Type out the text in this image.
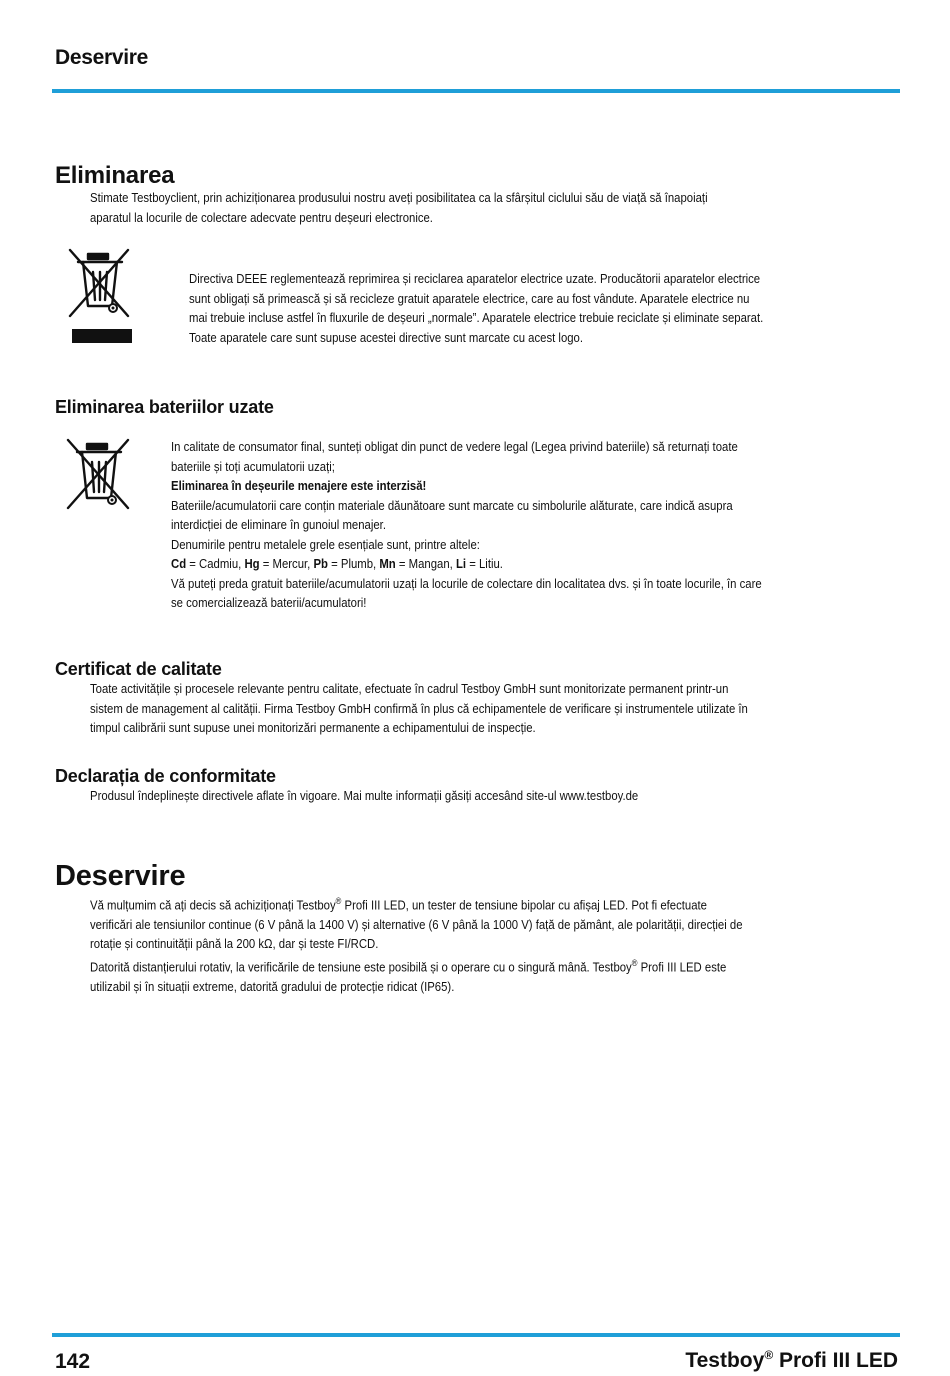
Deservire
Eliminarea
Stimate Testboyclient, prin achiziționarea produsului nostru aveți posibilitatea ca la sfârșitul ciclului său de viață să înapoiați
aparatul la locurile de colectare adecvate pentru deșeuri electronice.
Directiva DEEE reglementează reprimirea și reciclarea aparatelor electrice uzate. Producătorii aparatelor electrice
sunt obligați să primească și să recicleze gratuit aparatele electrice, care au fost vândute. Aparatele electrice nu
mai trebuie incluse astfel în fluxurile de deșeuri „normale”. Aparatele electrice trebuie reciclate și eliminate separat.
Toate aparatele care sunt supuse acestei directive sunt marcate cu acest logo.
Eliminarea bateriilor uzate
In calitate de consumator final, sunteți obligat din punct de vedere legal (Legea privind bateriile) să returnați toate
bateriile și toți acumulatorii uzați;
Eliminarea în deșeurile menajere este interzisă!
Bateriile/acumulatorii care conțin materiale dăunătoare sunt marcate cu simbolurile alăturate, care indică asupra
interdicției de eliminare în gunoiul menajer.
Denumirile pentru metalele grele esențiale sunt, printre altele:
Cd = Cadmiu, Hg = Mercur, Pb = Plumb, Mn = Mangan, Li = Litiu.
Vă puteți preda gratuit bateriile/acumulatorii uzați la locurile de colectare din localitatea dvs. și în toate locurile, în care
se comercializează baterii/acumulatori!
Certificat de calitate
Toate activitățile și procesele relevante pentru calitate, efectuate în cadrul Testboy GmbH sunt monitorizate permanent printr-un
sistem de management al calității. Firma Testboy GmbH confirmă în plus că echipamentele de verificare și instrumentele utilizate în
timpul calibrării sunt supuse unei monitorizări permanente a echipamentului de inspecție.
Declarația de conformitate
Produsul îndeplinește directivele aflate în vigoare. Mai multe informații găsiți accesând site-ul www.testboy.de
Deservire
Vă mulțumim că ați decis să achiziționați Testboy® Profi III LED, un tester de tensiune bipolar cu afișaj LED. Pot fi efectuate
verificări ale tensiunilor continue (6 V până la 1400 V) și alternative (6 V până la 1000 V) față de pământ, ale polarității, direcției de
rotație și continuității până la 200 kΩ, dar și teste FI/RCD.
Datorită distanțierului rotativ, la verificările de tensiune este posibilă și o operare cu o singură mână. Testboy® Profi III LED este
utilizabil și în situații extreme, datorită gradului de protecție ridicat (IP65).
142	Testboy® Profi III LED
